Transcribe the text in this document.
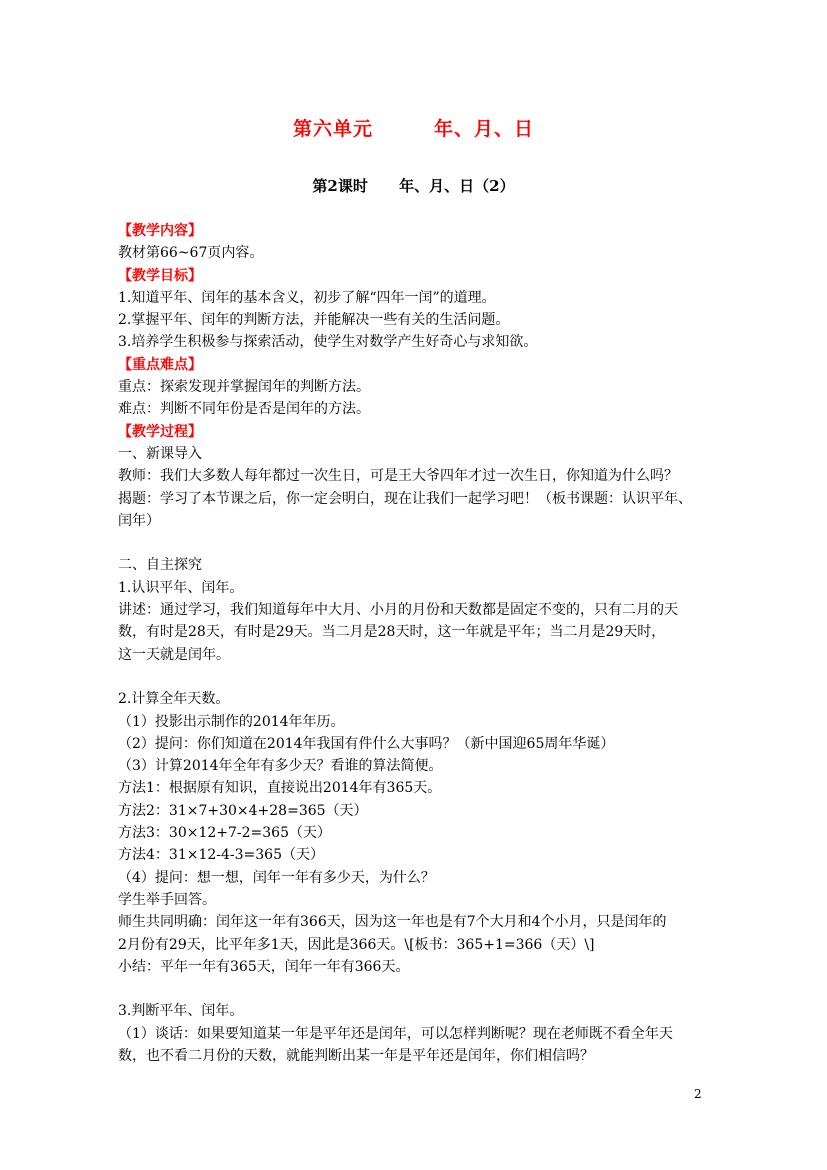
第六单元        年、月、日
第2课时      年、月、日（2）
【教学内容】
教材第66~67页内容。
【教学目标】
1.知道平年、闰年的基本含义，初步了解“四年一闰”的道理。
2.掌握平年、闰年的判断方法，并能解决一些有关的生活问题。
3.培养学生积极参与探索活动，使学生对数学产生好奇心与求知欲。
【重点难点】
重点：探索发现并掌握闰年的判断方法。
难点：判断不同年份是否是闰年的方法。
【教学过程】
一、新课导入
教师：我们大多数人每年都过一次生日，可是王大爷四年才过一次生日，你知道为什么吗？
揭题：学习了本节课之后，你一定会明白，现在让我们一起学习吧！（板书课题：认识平年、
闰年）
二、自主探究
1.认识平年、闰年。
讲述：通过学习，我们知道每年中大月、小月的月份和天数都是固定不变的，只有二月的天
数，有时是28天，有时是29天。当二月是28天时，这一年就是平年；当二月是29天时，
这一天就是闰年。
2.计算全年天数。
（1）投影出示制作的2014年年历。
（2）提问：你们知道在2014年我国有件什么大事吗？（新中国迎65周年华诞）
（3）计算2014年全年有多少天？看谁的算法简便。
方法1：根据原有知识，直接说出2014年有365天。
方法2：31×7+30×4+28=365（天）
方法3：30×12+7-2=365（天）
方法4：31×12-4-3=365（天）
（4）提问：想一想，闰年一年有多少天，为什么？
学生举手回答。
师生共同明确：闰年这一年有366天，因为这一年也是有7个大月和4个小月，只是闰年的
2月份有29天，比平年多1天，因此是366天。\[板书：365+1=366（天）\]
小结：平年一年有365天，闰年一年有366天。
3.判断平年、闰年。
（1）谈话：如果要知道某一年是平年还是闰年，可以怎样判断呢？现在老师既不看全年天
数，也不看二月份的天数，就能判断出某一年是平年还是闰年，你们相信吗？
2
